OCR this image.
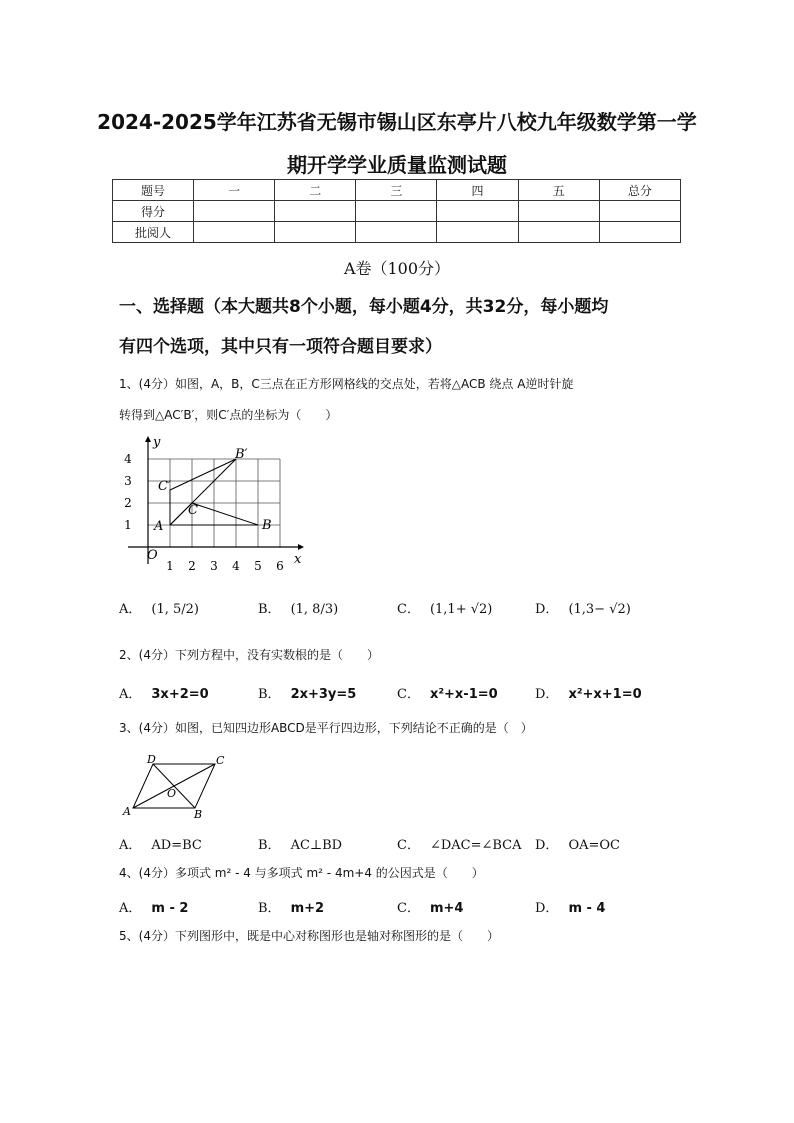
2024-2025学年江苏省无锡市锡山区东亭片八校九年级数学第一学
期开学学业质量监测试题
题号	一	二	三	四	五	总分
得分						
批阅人						
A卷（100分）
一、选择题（本大题共8个小题，每小题4分，共32分，每小题均
有四个选项，其中只有一项符合题目要求）
1、(4分）如图，A，B，C三点在正方形网格线的交点处，若将△ACB 绕点 A逆时针旋
转得到△AC′B′，则C′点的坐标为（　　）
1 2 3 4 5 6
1
2
3
4
x
y
O
A	B
C
B′
C′
A． (1, 5/2)	B． (1, 8/3)	C． (1,1+ √2)	D． (1,3− √2)
2、(4分）下列方程中，没有实数根的是（　　）
A． 3x+2=0	B． 2x+3y=5	C． x²+x-1=0	D． x²+x+1=0
3、(4分）如图，已知四边形ABCD是平行四边形，下列结论不正确的是（　）
A	B
C
D
O
A． AD=BC	B． AC⊥BD	C． ∠DAC=∠BCA D． OA=OC
4、(4分）多项式 m² - 4 与多项式 m² - 4m+4 的公因式是（　　）
A． m - 2	B． m+2	C． m+4	D． m - 4
5、(4分）下列图形中，既是中心对称图形也是轴对称图形的是（　　）
